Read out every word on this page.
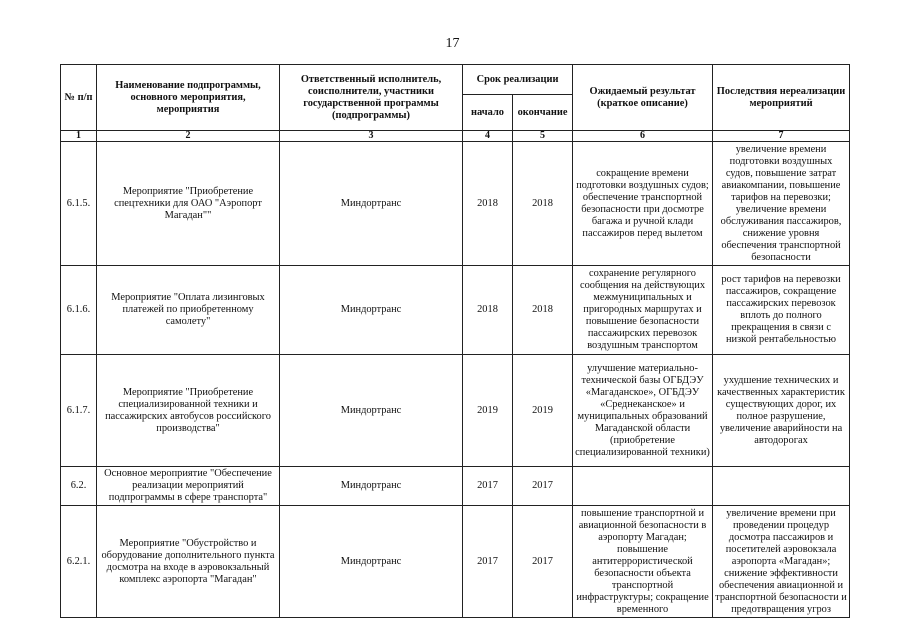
17
№ п/п	Наименование подпрограммы, основного мероприятия, мероприятия	Ответственный исполнитель, соисполнители, участники государственной программы (подпрограммы)	Срок реализации		Ожидаемый результат (краткое описание)	Последствия нереализации мероприятий
			начало	окончание		
1	2	3	4	5	6	7
6.1.5.	Мероприятие "Приобретение спецтехники для ОАО "Аэропорт Магадан""	Миндортранс	2018	2018	сокращение времени подготовки воздушных судов; обеспечение транспортной безопасности при досмотре багажа и ручной клади пассажиров перед вылетом	увеличение времени подготовки воздушных судов, повышение затрат авиакомпании, повышение тарифов на перевозки; увеличение времени обслуживания пассажиров, снижение уровня обеспечения транспортной безопасности
6.1.6.	Мероприятие "Оплата лизинговых платежей по приобретенному самолету"	Миндортранс	2018	2018	сохранение регулярного сообщения на действующих межмуниципальных и пригородных маршрутах и повышение безопасности пассажирских перевозок воздушным транспортом	рост тарифов на перевозки пассажиров, сокращение пассажирских перевозок вплоть до полного прекращения в связи с низкой рентабельностью
6.1.7.	Мероприятие "Приобретение специализированной техники и пассажирских автобусов российского производства"	Миндортранс	2019	2019	улучшение материально-технической базы ОГБДЭУ «Магаданское», ОГБДЭУ «Среднеканское» и муниципальных образований Магаданской области (приобретение специализированной техники)	ухудшение технических и качественных характеристик существующих дорог, их полное разрушение, увеличение аварийности на автодорогах
6.2.	Основное мероприятие "Обеспечение реализации мероприятий подпрограммы в сфере транспорта"	Миндортранс	2017	2017		
6.2.1.	Мероприятие "Обустройство и оборудование дополнительного пункта досмотра на входе в аэровокзальный комплекс аэропорта "Магадан"	Миндортранс	2017	2017	повышение транспортной и авиационной безопасности в аэропорту Магадан; повышение антитеррористической безопасности объекта транспортной инфраструктуры; сокращение временного	увеличение времени при проведении процедур досмотра пассажиров и посетителей аэровокзала аэропорта «Магадан»; снижение эффективности обеспечения авиационной и транспортной безопасности и предотвращения угроз
